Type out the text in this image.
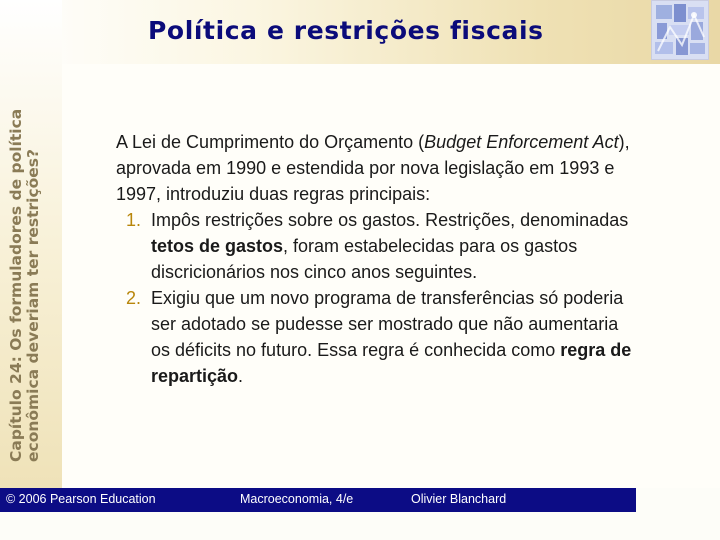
Capítulo 24: Os formuladores de política econômica deveriam ter restrições?
Política e restrições fiscais

A Lei de Cumprimento do Orçamento (Budget Enforcement Act), aprovada em 1990 e estendida por nova legislação em 1993 e 1997, introduziu duas regras principais:

1. Impôs restrições sobre os gastos. Restrições, denominadas tetos de gastos, foram estabelecidas para os gastos discricionários nos cinco anos seguintes.
2. Exigiu que um novo programa de transferências só poderia ser adotado se pudesse ser mostrado que não aumentaria os déficits no futuro. Essa regra é conhecida como regra de repartição.
© 2006 Pearson Education	Macroeconomia, 4/e	Olivier Blanchard
